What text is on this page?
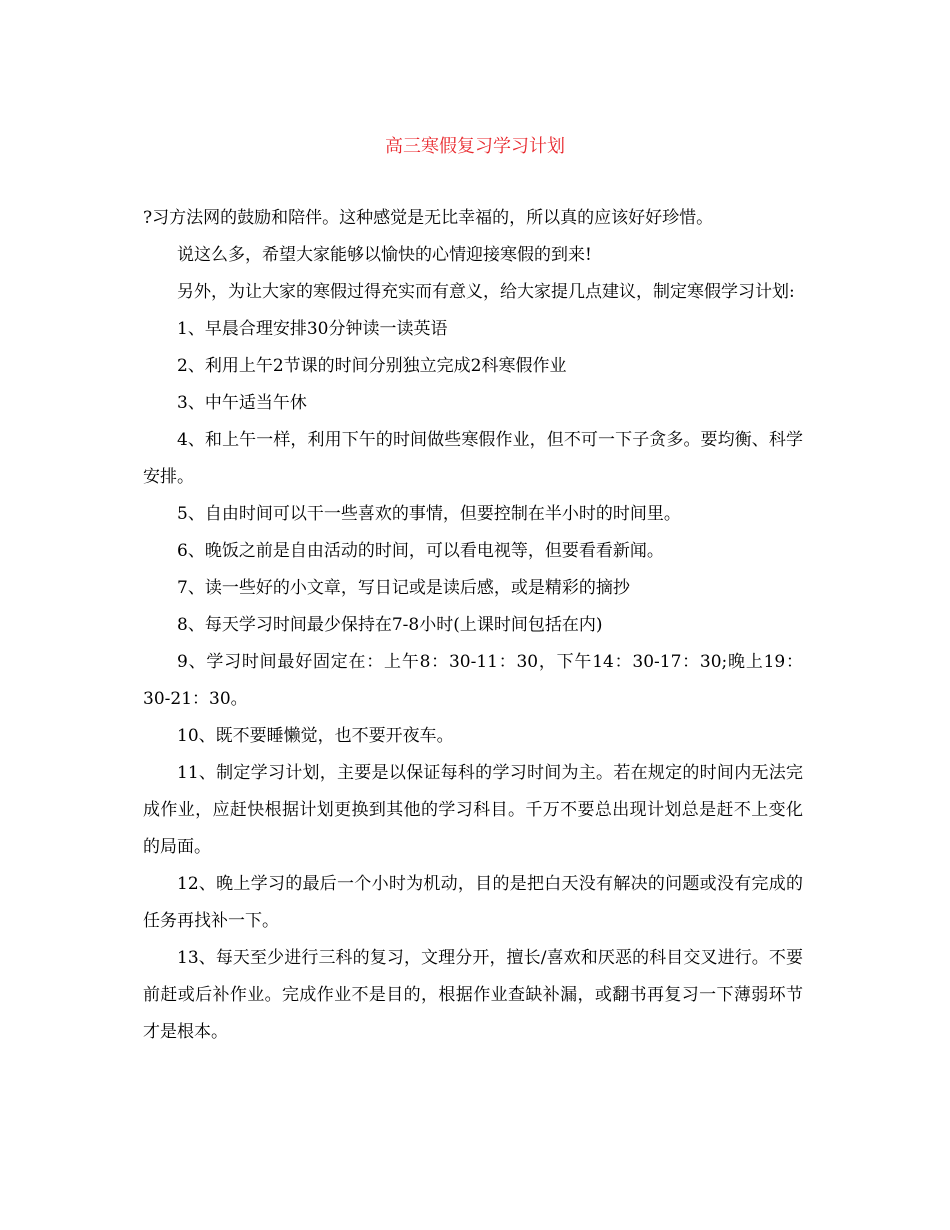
高三寒假复习学习计划

?习方法网的鼓励和陪伴。这种感觉是无比幸福的，所以真的应该好好珍惜。

说这么多，希望大家能够以愉快的心情迎接寒假的到来!

另外，为让大家的寒假过得充实而有意义，给大家提几点建议，制定寒假学习计划:

1、早晨合理安排30分钟读一读英语

2、利用上午2节课的时间分别独立完成2科寒假作业

3、中午适当午休

4、和上午一样，利用下午的时间做些寒假作业，但不可一下子贪多。要均衡、科学安排。

5、自由时间可以干一些喜欢的事情，但要控制在半小时的时间里。

6、晚饭之前是自由活动的时间，可以看电视等，但要看看新闻。

7、读一些好的小文章，写日记或是读后感，或是精彩的摘抄

8、每天学习时间最少保持在7-8小时(上课时间包括在内)

9、学习时间最好固定在：上午8：30-11：30，下午14：30-17：30;晚上19：30-21：30。

10、既不要睡懒觉，也不要开夜车。

11、制定学习计划，主要是以保证每科的学习时间为主。若在规定的时间内无法完成作业，应赶快根据计划更换到其他的学习科目。千万不要总出现计划总是赶不上变化的局面。

12、晚上学习的最后一个小时为机动，目的是把白天没有解决的问题或没有完成的任务再找补一下。

13、每天至少进行三科的复习，文理分开，擅长/喜欢和厌恶的科目交叉进行。不要前赶或后补作业。完成作业不是目的，根据作业查缺补漏，或翻书再复习一下薄弱环节才是根本。
